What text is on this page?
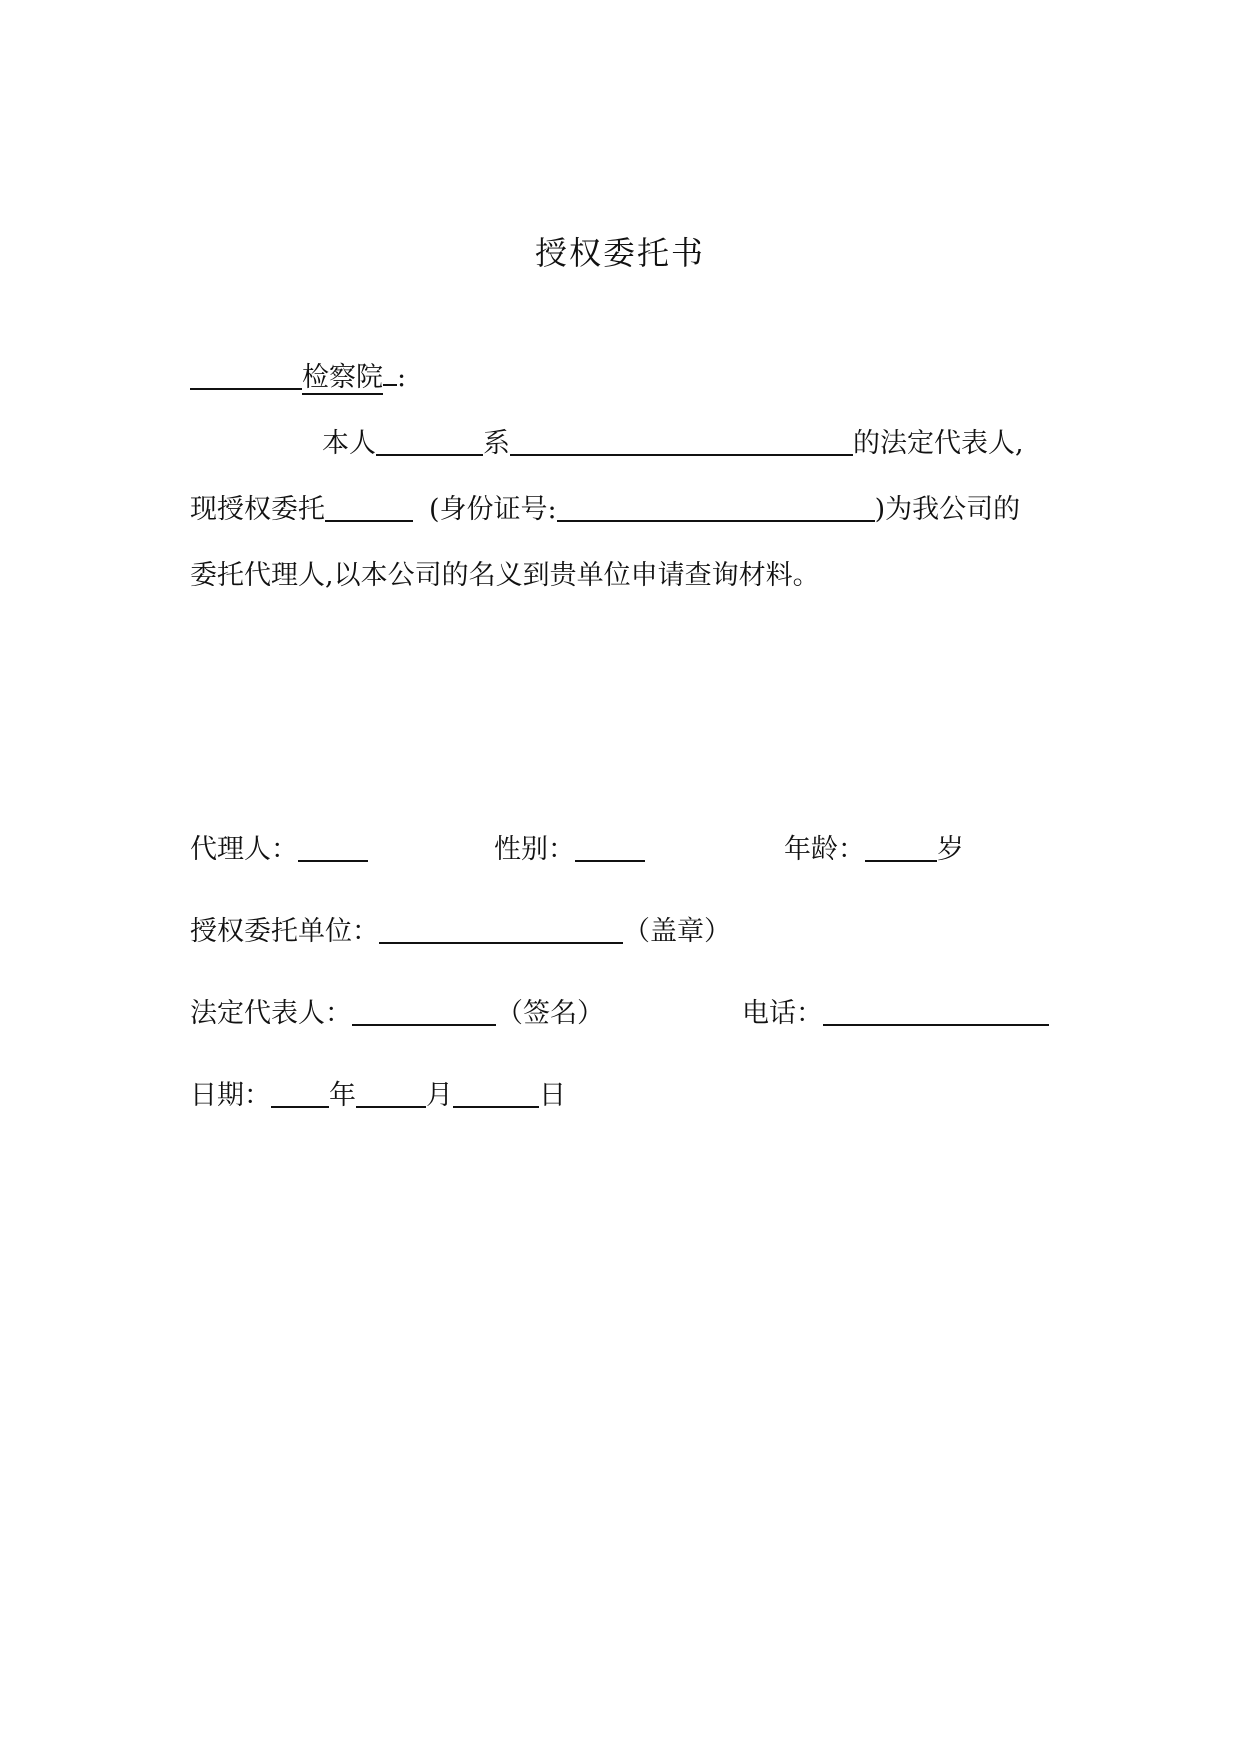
授权委托书
检察院 :
本人	系	的法定代表人,
现授权委托	(身份证号:	)为我公司的
委托代理人,以本公司的名义到贵单位申请查询材料。
代理人：	性别：	年龄：	岁
授权委托单位：	（盖章）
法定代表人：	（签名）	电话：
日期： 年	月	日
